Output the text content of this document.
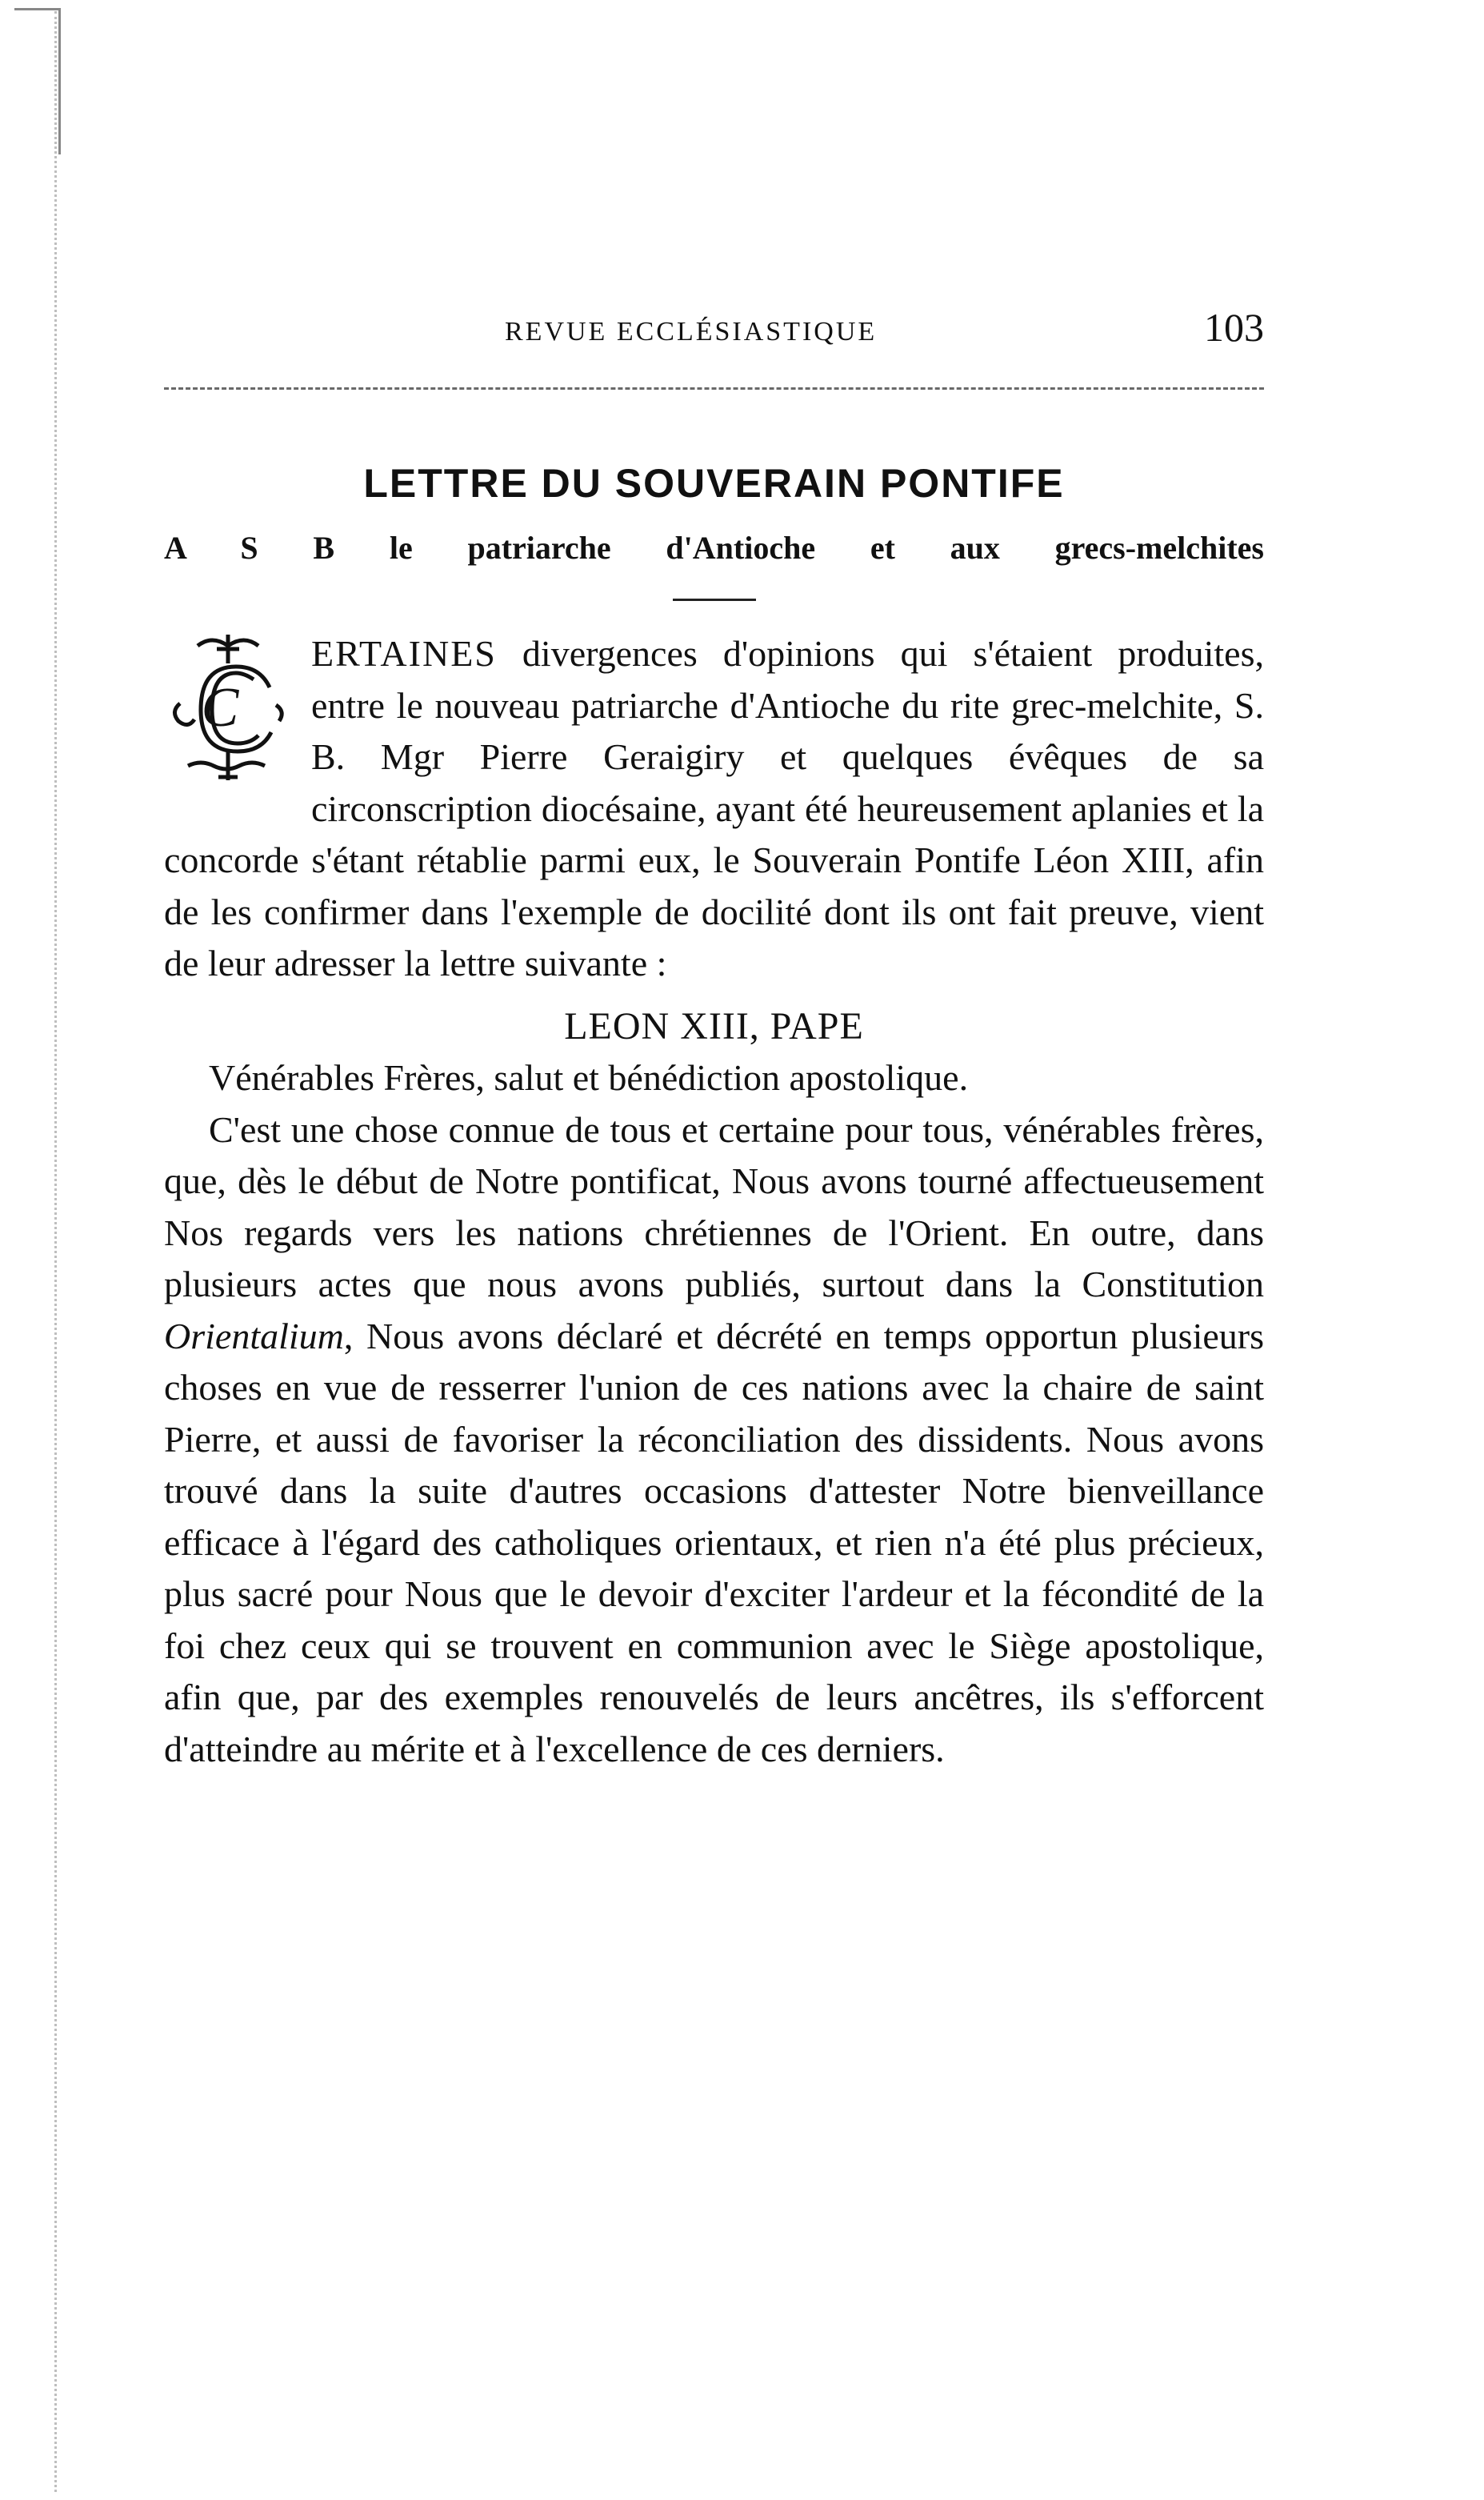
REVUE ECCLÉSIASTIQUE	103
LETTRE DU SOUVERAIN PONTIFE
A S B le patriarche d'Antioche et aux grecs-melchites

C
ERTAINES divergences d'opinions qui s'étaient produites, entre le nouveau patriarche d'Antioche du rite grec-melchite, S. B. Mgr Pierre Geraigiry et quelques évêques de sa circonscription diocésaine, ayant été heureusement aplanies et la concorde s'étant rétablie parmi eux, le Souverain Pontife Léon XIII, afin de les confirmer dans l'exemple de docilité dont ils ont fait preuve, vient de leur adresser la lettre suivante :

LEON XIII, PAPE

Vénérables Frères, salut et bénédiction apostolique.

C'est une chose connue de tous et certaine pour tous, vénérables frères, que, dès le début de Notre pontificat, Nous avons tourné affectueusement Nos regards vers les nations chrétiennes de l'Orient. En outre, dans plusieurs actes que nous avons publiés, surtout dans la Constitution Orientalium, Nous avons déclaré et décrété en temps opportun plusieurs choses en vue de resserrer l'union de ces nations avec la chaire de saint Pierre, et aussi de favoriser la réconciliation des dissidents. Nous avons trouvé dans la suite d'autres occasions d'attester Notre bienveillance efficace à l'égard des catholiques orientaux, et rien n'a été plus précieux, plus sacré pour Nous que le devoir d'exciter l'ardeur et la fécondité de la foi chez ceux qui se trouvent en communion avec le Siège apostolique, afin que, par des exemples renouvelés de leurs ancêtres, ils s'efforcent d'atteindre au mérite et à l'excellence de ces derniers.
